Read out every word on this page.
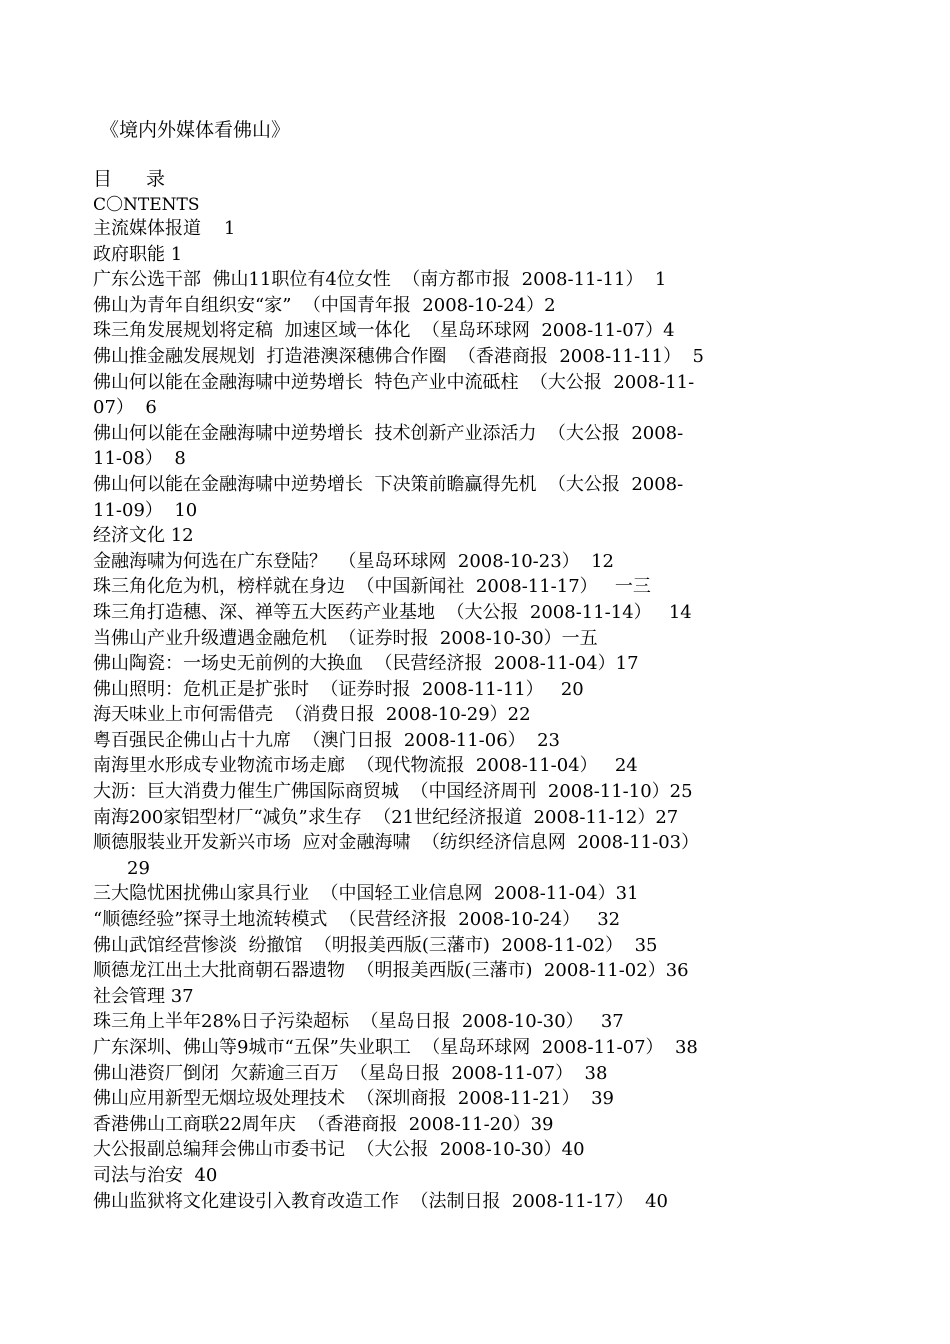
《境内外媒体看佛山》
目 录
C〇NTENTS
主流媒体报道    1
政府职能 1
广东公选干部  佛山11职位有4位女性  （南方都市报  2008-11-11）  1
佛山为青年自组织安“家”  （中国青年报  2008-10-24）2
珠三角发展规划将定稿  加速区域一体化  （星岛环球网  2008-11-07）4
佛山推金融发展规划  打造港澳深穗佛合作圈  （香港商报  2008-11-11）  5
佛山何以能在金融海啸中逆势增长  特色产业中流砥柱  （大公报  2008-11-
07）  6
佛山何以能在金融海啸中逆势增长  技术创新产业添活力  （大公报  2008-
11-08）  8
佛山何以能在金融海啸中逆势增长  下决策前瞻赢得先机  （大公报  2008-
11-09）  10
经济文化 12
金融海啸为何选在广东登陆？  （星岛环球网  2008-10-23）  12
珠三角化危为机，榜样就在身边  （中国新闻社  2008-11-17）   一三
珠三角打造穗、深、禅等五大医药产业基地  （大公报  2008-11-14）   14
当佛山产业升级遭遇金融危机  （证券时报  2008-10-30）一五
佛山陶瓷：一场史无前例的大换血  （民营经济报  2008-11-04）17
佛山照明：危机正是扩张时  （证券时报  2008-11-11）   20
海天味业上市何需借壳  （消费日报  2008-10-29）22
粤百强民企佛山占十九席  （澳门日报  2008-11-06）  23
南海里水形成专业物流市场走廊  （现代物流报  2008-11-04）   24
大沥：巨大消费力催生广佛国际商贸城  （中国经济周刊  2008-11-10）25
南海200家铝型材厂“减负”求生存  （21世纪经济报道  2008-11-12）27
顺德服装业开发新兴市场  应对金融海啸  （纺织经济信息网  2008-11-03）
29
三大隐忧困扰佛山家具行业  （中国轻工业信息网  2008-11-04）31
“顺德经验”探寻土地流转模式  （民营经济报  2008-10-24）   32
佛山武馆经营惨淡  纷撤馆  （明报美西版(三藩市)  2008-11-02）  35
顺德龙江出土大批商朝石器遗物  （明报美西版(三藩市)  2008-11-02）36
社会管理 37
珠三角上半年28%日子污染超标  （星岛日报  2008-10-30）   37
广东深圳、佛山等9城市“五保”失业职工  （星岛环球网  2008-11-07）  38
佛山港资厂倒闭  欠薪逾三百万  （星岛日报  2008-11-07）  38
佛山应用新型无烟垃圾处理技术  （深圳商报  2008-11-21）  39
香港佛山工商联22周年庆  （香港商报  2008-11-20）39
大公报副总编拜会佛山市委书记  （大公报  2008-10-30）40
司法与治安  40
佛山监狱将文化建设引入教育改造工作  （法制日报  2008-11-17）  40
